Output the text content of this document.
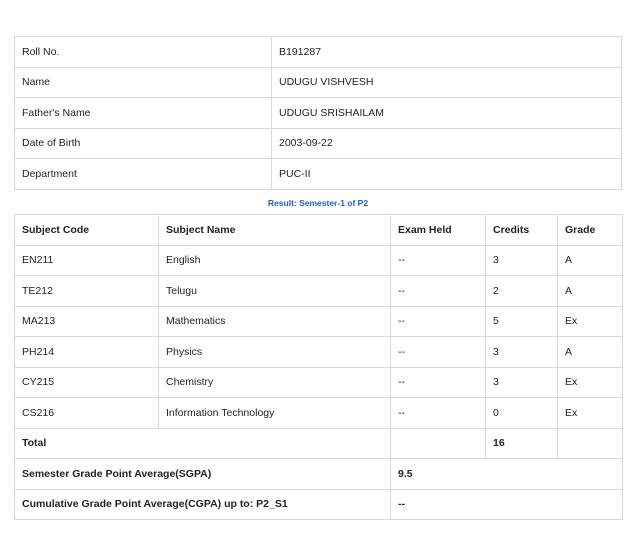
Roll No.	B191287
Name	UDUGU VISHVESH
Father's Name	UDUGU SRISHAILAM
Date of Birth	2003-09-22
Department	PUC-II
Result: Semester-1 of P2
Subject Code	Subject Name	Exam Held	Credits	Grade
EN211	English	--	3	A
TE212	Telugu	--	2	A
MA213	Mathematics	--	5	Ex
PH214	Physics	--	3	A
CY215	Chemistry	--	3	Ex
CS216	Information Technology	--	0	Ex
Total			16	
Semester Grade Point Average(SGPA)		9.5		
Cumulative Grade Point Average(CGPA) up to: P2_S1		--		
